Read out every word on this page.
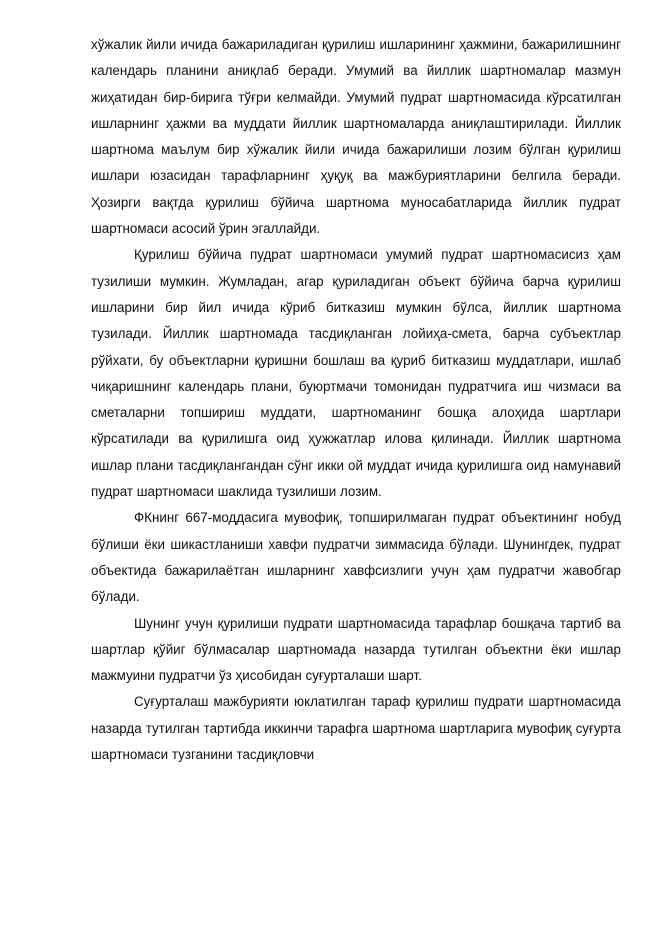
хўжалик йили ичида бажариладиган қурилиш ишларининг ҳажмини, бажарилишнинг календарь планини аниқлаб беради. Умумий ва йиллик шартномалар мазмун жиҳатидан бир-бирига тўғри келмайди. Умумий пудрат шартномасида кўрсатилган ишларнинг ҳажми ва муддати йиллик шартномаларда аниқлаштирилади. Йиллик шартнома маълум бир хўжалик йили ичида бажарилиши лозим бўлган қурилиш ишлари юзасидан тарафларнинг ҳуқуқ ва мажбуриятларини белгила беради. Ҳозирги вақтда қурилиш бўйича шартнома муносабатларида йиллик пудрат шартномаси асосий ўрин эгаллайди.

Қурилиш бўйича пудрат шартномаси умумий пудрат шартномасисиз ҳам тузилиши мумкин. Жумладан, агар қуриладиган объект бўйича барча қурилиш ишларини бир йил ичида кўриб битказиш мумкин бўлса, йиллик шартнома тузилади. Йиллик шартномада тасдиқланган лойиҳа-смета, барча субъектлар рўйхати, бу объектларни қуришни бошлаш ва қуриб битказиш муддатлари, ишлаб чиқаришнинг календарь плани, буюртмачи томонидан пудратчига иш чизмаси ва сметаларни топшириш муддати, шартноманинг бошқа алоҳида шартлари кўрсатилади ва қурилишга оид ҳужжатлар илова қилинади. Йиллик шартнома ишлар плани тасдиқлангандан сўнг икки ой муддат ичида қурилишга оид намунавий пудрат шартномаси шаклида тузилиши лозим.

ФКнинг 667-моддасига мувофиқ, топширилмаган пудрат объектининг нобуд бўлиши ёки шикастланиши хавфи пудратчи зиммасида бўлади. Шунингдек, пудрат объектида бажарилаётган ишларнинг хавфсизлиги учун ҳам пудратчи жавобгар бўлади.

Шунинг учун қурилиши пудрати шартномасида тарафлар бошқача тартиб ва шартлар қўйиг бўлмасалар шартномада назарда тутилган объектни ёки ишлар мажмуини пудратчи ўз ҳисобидан суғурталаши шарт.

Суғурталаш мажбурияти юклатилган тараф қурилиш пудрати шартномасида назарда тутилган тартибда иккинчи тарафга шартнома шартларига мувофиқ суғурта шартномаси тузганини тасдиқловчи
